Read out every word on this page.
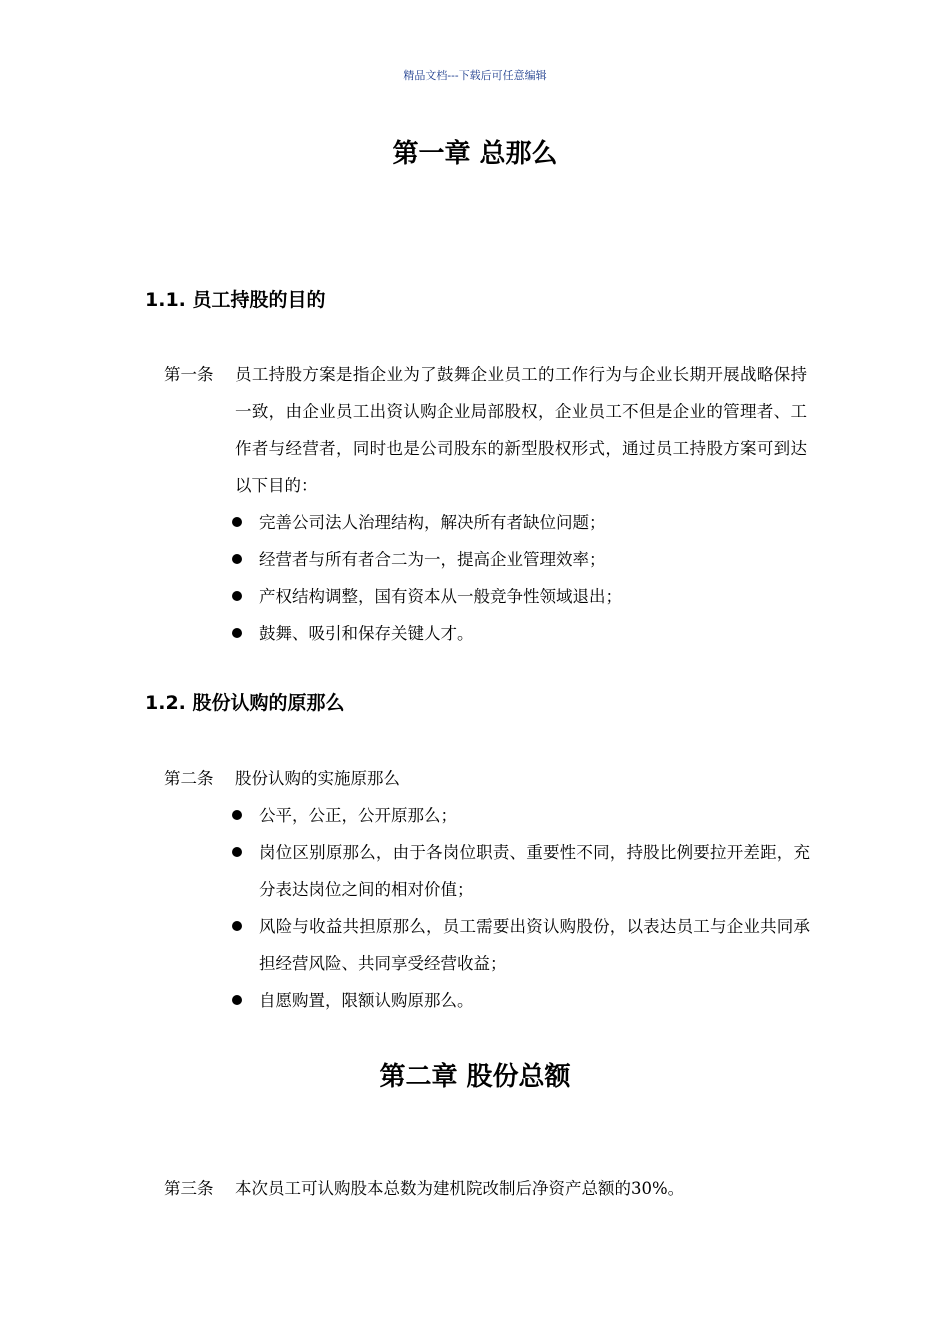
精品文档---下载后可任意编辑
第一章 总那么
1.1. 员工持股的目的
第一条 员工持股方案是指企业为了鼓舞企业员工的工作行为与企业长期开展战略保持一致，由企业员工出资认购企业局部股权，企业员工不但是企业的管理者、工作者与经营者，同时也是公司股东的新型股权形式，通过员工持股方案可到达以下目的：
完善公司法人治理结构，解决所有者缺位问题；
经营者与所有者合二为一，提高企业管理效率；
产权结构调整，国有资本从一般竞争性领域退出；
鼓舞、吸引和保存关键人才。
1.2. 股份认购的原那么
第二条 股份认购的实施原那么
公平，公正，公开原那么；
岗位区别原那么，由于各岗位职责、重要性不同，持股比例要拉开差距，充分表达岗位之间的相对价值；
风险与收益共担原那么，员工需要出资认购股份，以表达员工与企业共同承担经营风险、共同享受经营收益；
自愿购置，限额认购原那么。
第二章 股份总额
第三条 本次员工可认购股本总数为建机院改制后净资产总额的30%。
